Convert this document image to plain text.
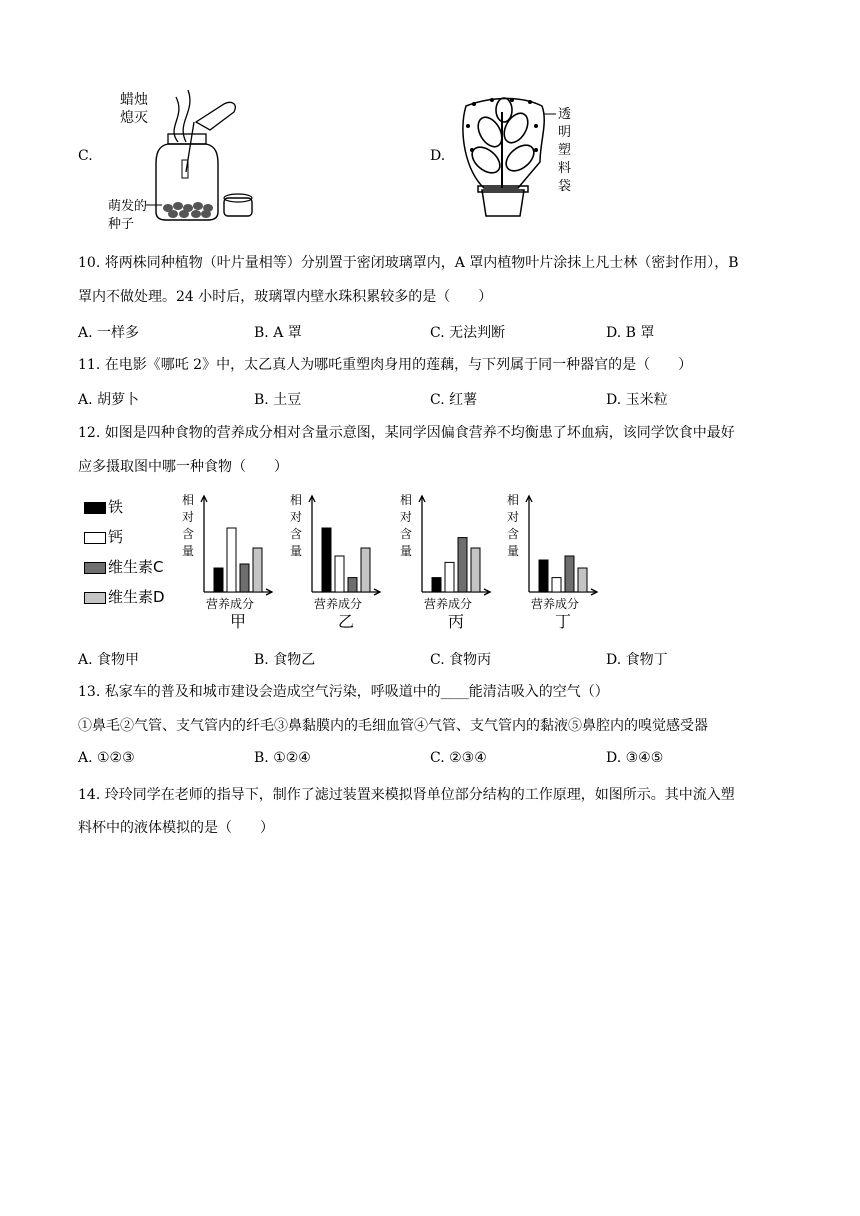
C.
蜡烛
熄灭
萌发的
种子
D.
透
明
塑
料
袋
10. 将两株同种植物（叶片量相等）分别置于密闭玻璃罩内，A 罩内植物叶片涂抹上凡士林（密封作用），B
罩内不做处理。24 小时后，玻璃罩内壁水珠积累较多的是（　　）
A. 一样多	B. A 罩	C. 无法判断	D. B 罩
11. 在电影《哪吒 2》中，太乙真人为哪吒重塑肉身用的莲藕，与下列属于同一种器官的是（　　）
A. 胡萝卜	B. 土豆	C. 红薯	D. 玉米粒
12. 如图是四种食物的营养成分相对含量示意图，某同学因偏食营养不均衡患了坏血病，该同学饮食中最好
应多摄取图中哪一种食物（　　）
铁
钙
维生素C
维生素D
相
对
含
量
营养成分
甲
相
对
含
量
营养成分
乙
相
对
含
量
营养成分
丙
相
对
含
量
营养成分
丁
A. 食物甲	B. 食物乙	C. 食物丙	D. 食物丁
13. 私家车的普及和城市建设会造成空气污染，呼吸道中的____能清洁吸入的空气（）
①鼻毛②气管、支气管内的纤毛③鼻黏膜内的毛细血管④气管、支气管内的黏液⑤鼻腔内的嗅觉感受器
A. ①②③	B. ①②④	C. ②③④	D. ③④⑤
14. 玲玲同学在老师的指导下，制作了滤过装置来模拟肾单位部分结构的工作原理，如图所示。其中流入塑
料杯中的液体模拟的是（　　）
